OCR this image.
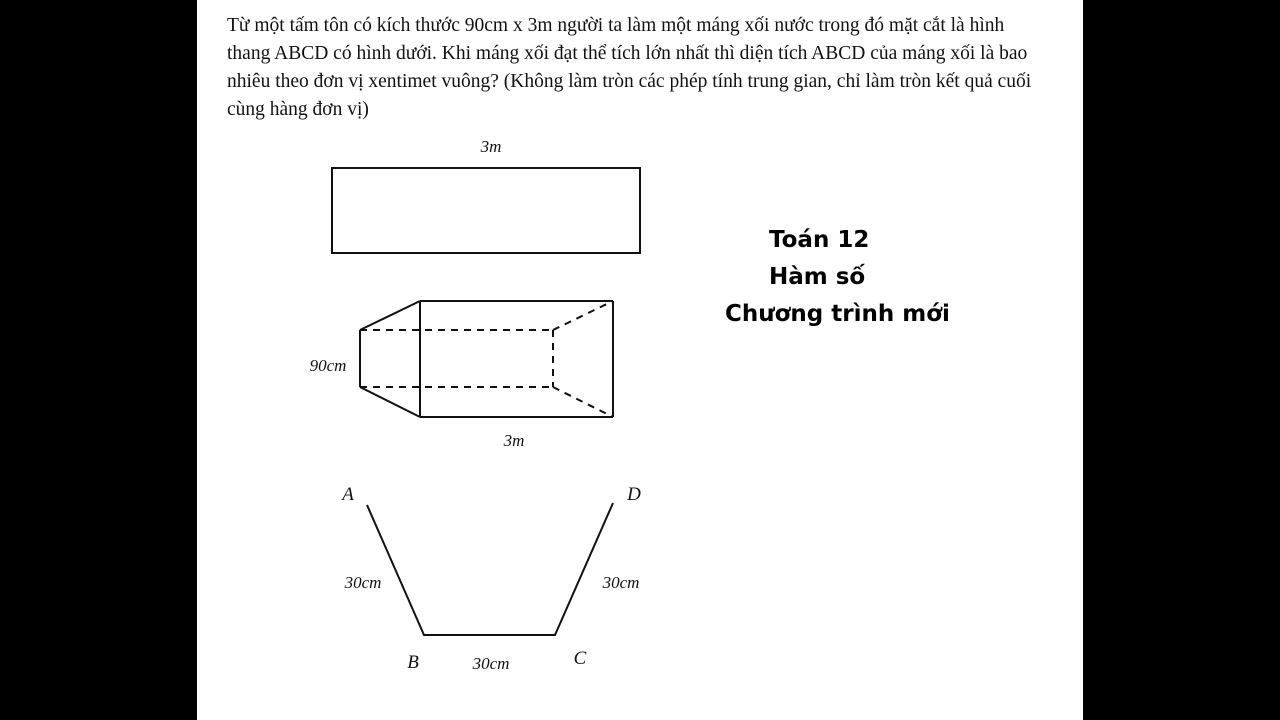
Từ một tấm tôn có kích thước 90cm x 3m người ta làm một máng xối nước trong đó mặt cắt là hình thang ABCD có hình dưới. Khi máng xối đạt thể tích lớn nhất thì diện tích ABCD của máng xối là bao nhiêu theo đơn vị xentimet vuông? (Không làm tròn các phép tính trung gian, chỉ làm tròn kết quả cuối cùng hàng đơn vị)

3m
90cm
3m
A
B	C
D
30cm
30cm
30cm
Toán 12
Hàm số
Chương trình mới
